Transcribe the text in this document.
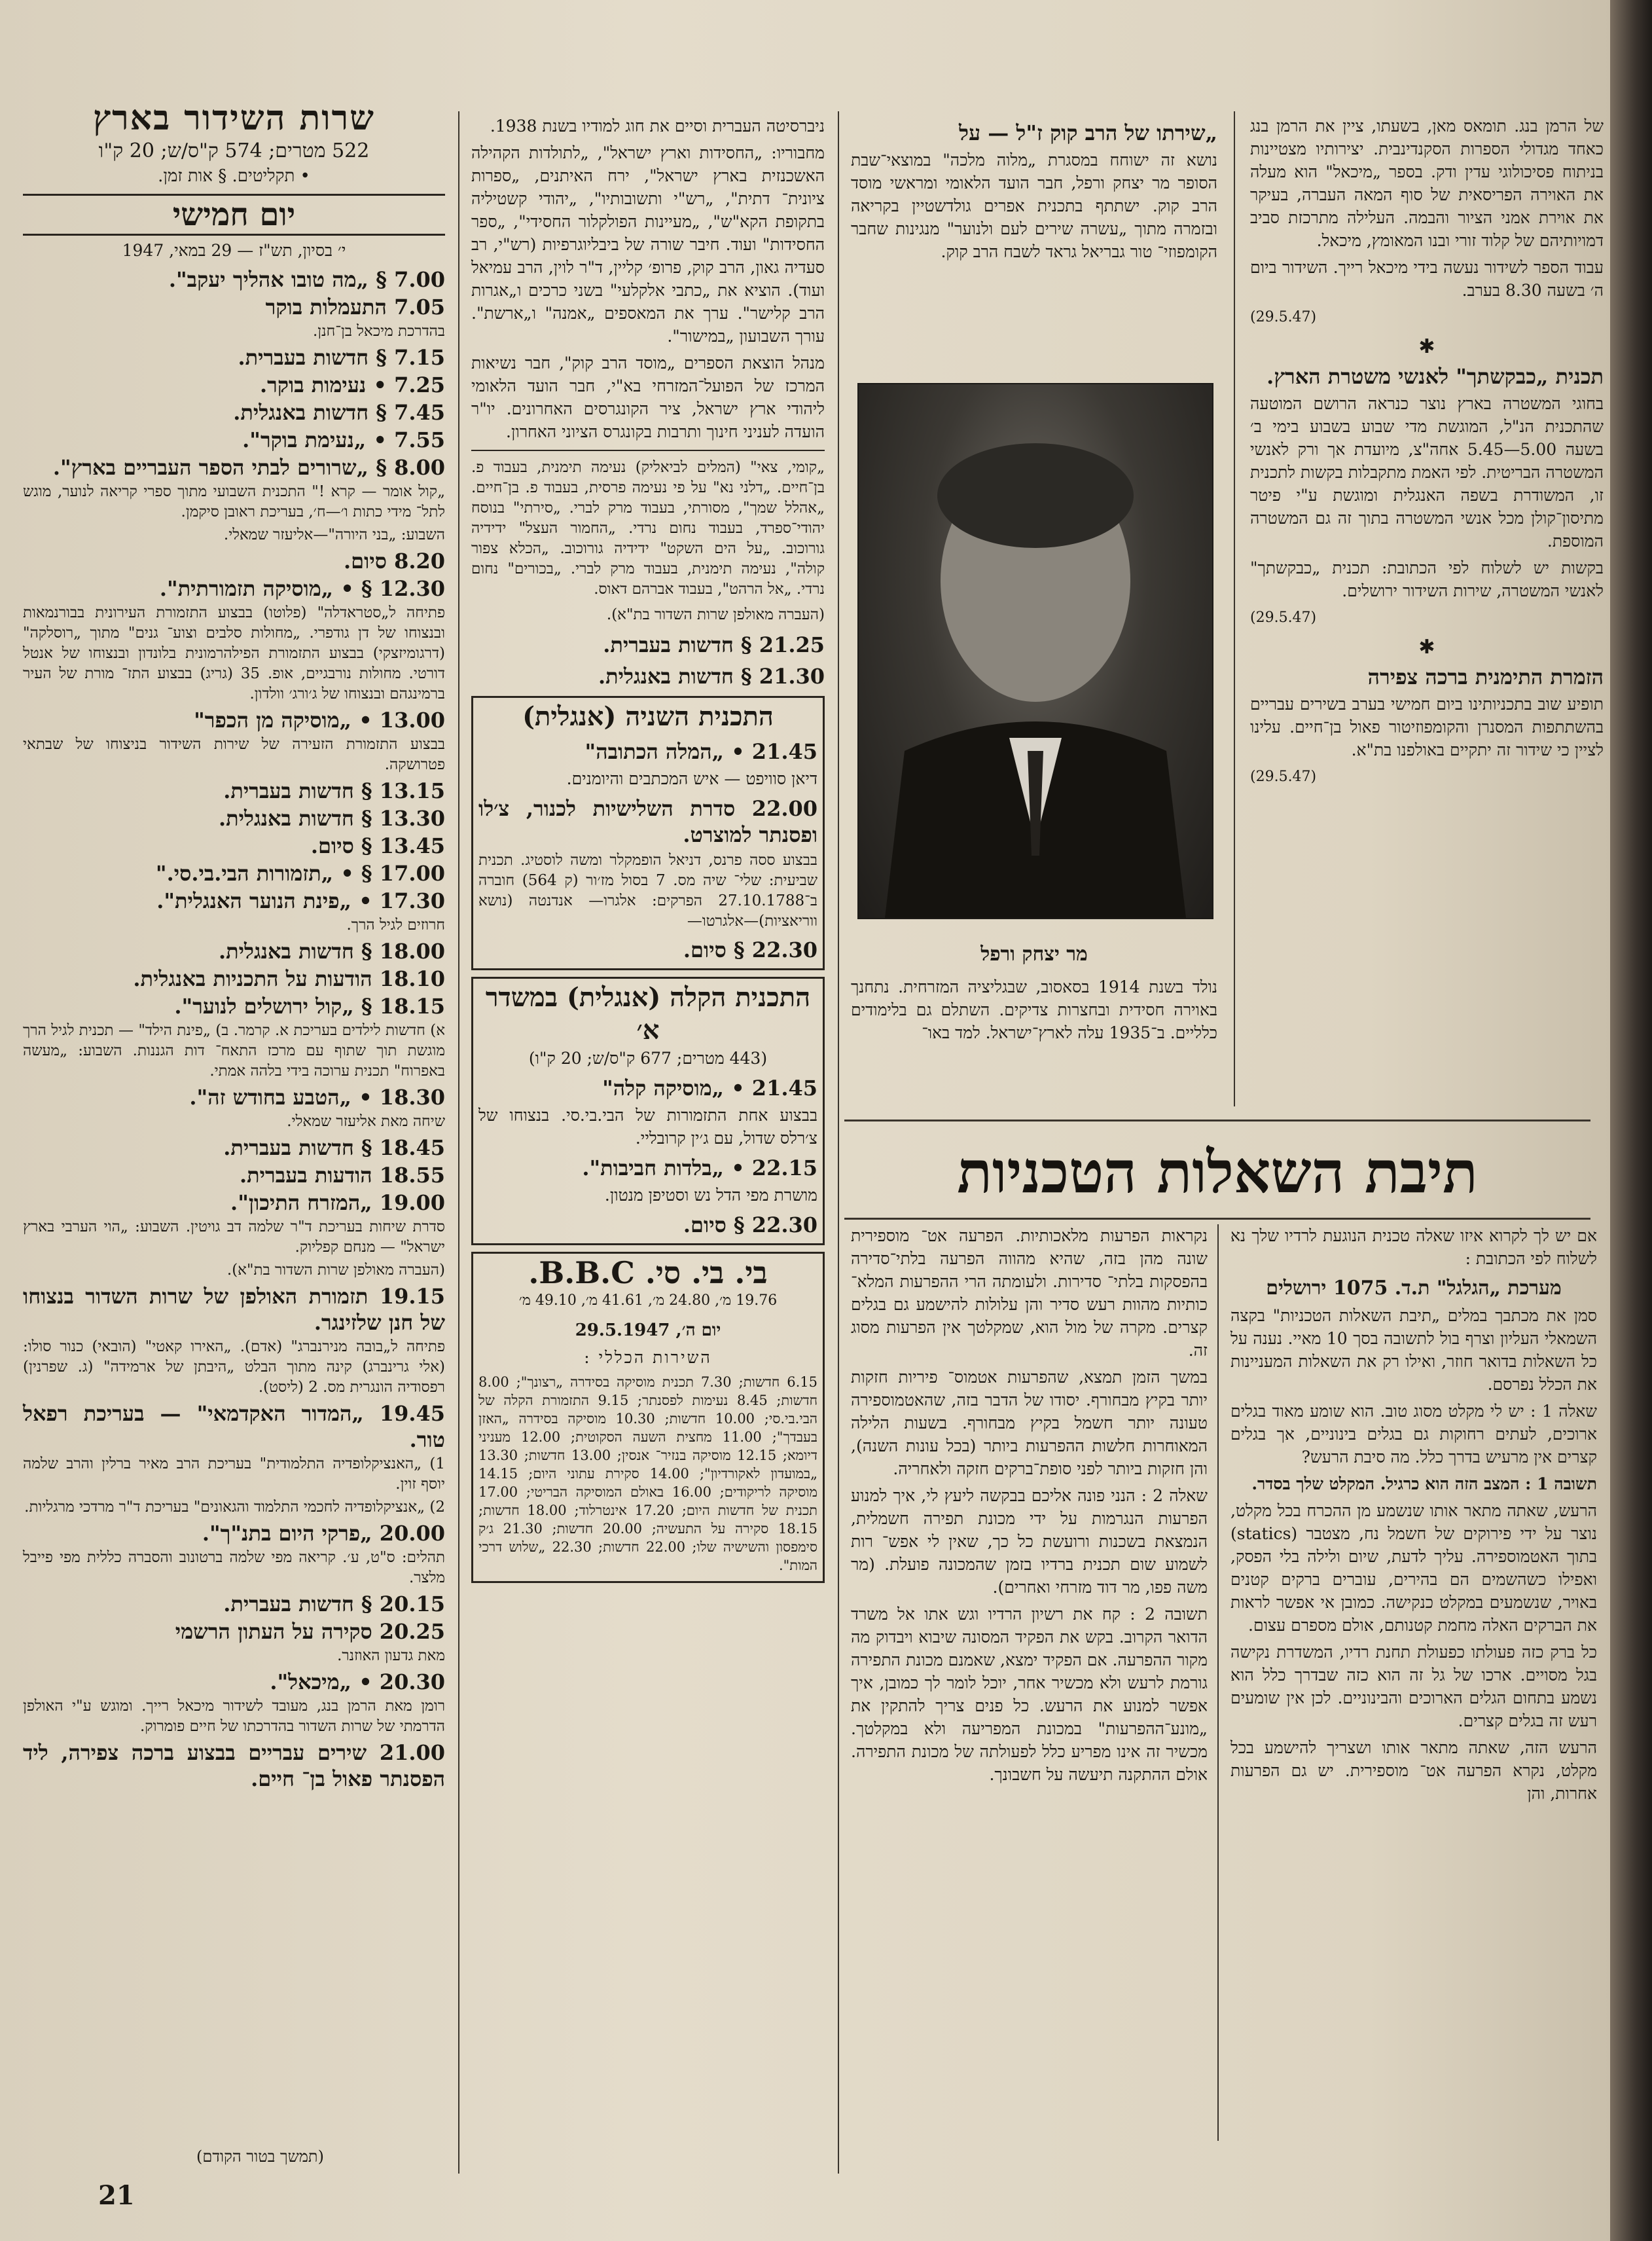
של הרמן בנג. תומאס מאן, בשעתו, ציין את הרמן בנג כאחד מגדולי הספרות הסקנדינבית. יצירותיו מצטיינות בניתוח פסיכולוגי עדין ודק. בספר „מיכאל" הוא מעלה את האוירה הפריסאית של סוף המאה העברה, בעיקר את אוירת אמני הציור והבמה. העלילה מתרכזת סביב דמויותיהם של קלוד זורי ובנו המאומץ, מיכאל.

עבוד הספר לשידור נעשה בידי מיכאל רייך. השידור ביום ה׳ בשעה 8.30 בערב.

(29.5.47)
✱
תכנית „כבקשתך" לאנשי משטרת הארץ.

בחוגי המשטרה בארץ נוצר כנראה הרושם המוטעה שהתכנית הנ"ל, המוגשת מדי שבוע בשבוע בימי ב׳ בשעה 5.00—5.45 אחה"צ, מיועדת אך ורק לאנשי המשטרה הבריטית. לפי האמת מתקבלות בקשות לתכנית זו, המשודרת בשפה האנגלית ומוגשת ע"י פיטר מתיסון־קולן מכל אנשי המשטרה בתוך זה גם המשטרה המוספת.

בקשות יש לשלוח לפי הכתובת: תכנית „כבקשתך" לאנשי המשטרה, שירות השידור ירושלים.

(29.5.47)
✱
הזמרת התימנית ברכה צפירה

תופיע שוב בתכניותינו ביום חמישי בערב בשירים עבריים בהשתתפות המסנרן והקומפוזיטור פאול בן־חיים. עלינו לציין כי שידור זה יתקיים באולפנו בת"א.

(29.5.47)
„שירתו של הרב קוק ז"ל — על

נושא זה ישוחח במסגרת „מלוה מלכה" במוצאי־שבת הסופר מר יצחק ורפל, חבר הועד הלאומי ומראשי מוסד הרב קוק. ישתתף בתכנית אפרים גולדשטיין בקריאה ובזמרה מתוך „עשרה שירים לעם ולנוער" מנגינות שחבר הקומפוזי־ טור גבריאל גראד לשבח הרב קוק.

מר יצחק ורפל

נולד בשנת 1914 בסאסוב, שבגליציה המזרחית. נתחנך באוירה חסידית ובחצרות צדיקים. השתלם גם בלימודים כלליים. ב־1935 עלה לארץ־ישראל. למד באו־

ניברסיטה העברית וסיים את חוג למודיו בשנת 1938.

מחבוריו: „החסידות וארץ ישראל", „לתולדות הקהילה האשכנזית בארץ ישראל", ירח האיתנים, „ספרות ציונית־ דתית", „רש"י ותשובותיו", „יהודי קשטיליה בתקופת הקא"ש", „מעיינות הפולקלור החסידי", „ספר החסידות" ועוד. חיבר שורה של ביבליוגרפיות (רש"י, רב סעדיה גאון, הרב קוק, פרופ׳ קליין, ד"ר לוין, הרב עמיאל ועוד). הוציא את „כתבי אלקלעי" בשני כרכים ו„אגרות הרב קלישר". ערך את המאספים „אמנה" ו„ארשת". עורך השבועון „במישור".

מנהל הוצאת הספרים „מוסד הרב קוק", חבר נשיאות המרכז של הפועל־המזרחי בא"י, חבר הועד הלאומי ליהודי ארץ ישראל, ציר הקונגרסים האחרונים. יו"ר הועדה לעניני חינוך ותרבות בקונגרס הציוני האחרון.

„קומי, צאי" (המלים לביאליק) נעימה תימנית, בעבוד פ. בן־חיים. „דלני נא" על פי נעימה פרסית, בעבוד פ. בן־חיים. „אהלל שמך", מסורתי, בעבוד מרק לברי. „סירתי" בנוסח יהודי־ספרד, בעבוד נחום נרדי. „החמור העצל" ידידיה גורוכוב. „על הים השקט" ידידיה גורוכוב. „הכלא צפור קולה", נעימה תימנית, בעבוד מרק לברי. „בכורים" נחום נרדי. „אל הרהט", בעבוד אברהם דאוס.

(העברה מאולפן שרות השדור בת"א).

21.25 § חדשות בעברית.
21.30 § חדשות באנגלית.
התכנית השניה (אנגלית)

21.45 • „המלה הכתובה"

דיאן סוויפט — איש המכתבים והיומנים.

22.00 סדרת השלישיות לכנור, צ׳לו ופסנתר למוצרט.

בבצוע ססה פרנס, דניאל הופמקלר ומשה לוסטיג. תכנית שביעית: שלי־ שיה מס. 7 בסול מז׳ור (ק 564) חוברה ב־27.10.1788 הפרקים: אלגרו— אנדנטה (נושא ווריאציות)—אלגרטו—

22.30 § סיום.

התכנית הקלה (אנגלית) במשדר א׳

(443 מטרים; 677 ק"ס/ש; 20 ק"ו)

21.45 • „מוסיקה קלה"

בבצוע אחת התזמורות של הבי.בי.סי. בנצוחו של צ׳רלס שדול, עם ג׳ין קרובליי.

22.15 • „בלדות חביבות".

מושרת מפי הדל נש וסטיפן מנטון.

22.30 § סיום.

בי. בי. סי. B.B.C.

19.76 מ׳, 24.80 מ׳, 41.61 מ׳, 49.10 מ׳

יום ה׳, 29.5.1947

השירות הכללי :

6.15 חדשות; 7.30 תכנית מוסיקה בסידרה „רצונך"; 8.00 חדשות; 8.45 נעימות לפסנתר; 9.15 התזמורת הקלה של הבי.בי.סי; 10.00 חדשות; 10.30 מוסיקה בסידרה „האזן בעבדך"; 11.00 מחצית השעה הסקוטית; 12.00 מעניני דיומא; 12.15 מוסיקה בנזיר־ אנסין; 13.00 חדשות; 13.30 „במועדון לאקורדיון"; 14.00 סקירת עתוני היום; 14.15 מוסיקה לריקודים; 16.00 באולם המוסיקה הבריטי; 17.00 תכנית של חדשות היום; 17.20 אינטרלוד; 18.00 חדשות; 18.15 סקירה על התעשיה; 20.00 חדשות; 21.30 ג׳ק סימפסון והשישיה שלו; 22.00 חדשות; 22.30 „שלוש דרכי המות".

שרות השידור בארץ
522 מטרים; 574 ק"ס/ש; 20 ק"ו
• תקליטים. § אות זמן.
יום חמישי
י׳ בסיון, תש"ז — 29 במאי, 1947
7.00 § „מה טובו אהליך יעקב".
7.05 התעמלות בוקר
בהדרכת מיכאל בן־חנן.
7.15 § חדשות בעברית.
7.25 • נעימות בוקר.
7.45 § חדשות באנגלית.
7.55 • „נעימת בוקר".
8.00 § „שרורים לבתי הספר העבריים בארץ".
„קול אומר — קרא !" התכנית השבועי מתוך ספרי קריאה לנוער, מוגש לתל־ מידי כתות ו׳—ח׳, בעריכת ראובן סיקמן.
השבוע: „בני היורה"—אליעזר שמאלי.
8.20 סיום.
12.30 § • „מוסיקה תזמורתית".
פתיחה ל„סטראדלה" (פלוטו) בבצוע התזמורת העירונית בבורנמאות ובנצוחו של דן גודפרי. „מחולות סלבים וצוע־ גנים" מתוך „רוסלקה" (דרגומיזצקי) בבצוע התזמורת הפילהרמונית בלונדון ובנצוחו של אנטל דורטי. מחולות נורבגיים, אופ. 35 (גריג) בבצוע התז־ מורת של העיר ברמינגהם ובנצוחו של ג׳ורג׳ וולדון.
13.00 • „מוסיקה מן הכפר"
בבצוע התזמורת הזעירה של שירות השידור בניצוחו של שבתאי פטרושקה.
13.15 § חדשות בעברית.
13.30 § חדשות באנגלית.
13.45 § סיום.
17.00 § • „תזמורות הבי.בי.סי."
17.30 • „פינת הנוער האנגלית".
חרוזים לגיל הרך.
18.00 § חדשות באנגלית.
18.10 הודעות על התכניות באנגלית.
18.15 § „קול ירושלים לנוער".
א) חדשות לילדים בעריכת א. קרמר. ב) „פינת הילד" — תכנית לגיל הרך מוגשת תוך שתוף עם מרכז התאח־ דות הגננות. השבוע: „מעשה באפרוח" תכנית ערוכה בידי בלהה אמתי.
18.30 • „הטבע בחודש זה".
שיחה מאת אליעזר שמאלי.
18.45 § חדשות בעברית.
18.55 הודעות בעברית.
19.00 „המזרח התיכון".
סדרת שיחות בעריכת ד"ר שלמה דב גויטין. השבוע: „הוי הערבי בארץ ישראל" — מנחם קפליוק.
(העברה מאולפן שרות השדור בת"א).
19.15 תזמורת האולפן של שרות השדור בנצוחו של חנן שלזינגר.
פתיחה ל„בובה מנירנברג" (אדם). „האירו קאטי" (הובאי) כנור סולו: (אלי גרינברג) קינה מתוך הבלט „היבתן של ארמידה" (ג. שפרנין) רפסודיה הונגרית מס. 2 (ליסט).
19.45 „המדור האקדמאי" — בעריכת רפאל טור.
1) „האנציקלופדיה התלמודית" בעריכת הרב מאיר ברלין והרב שלמה יוסף זוין.
2) „אנציקלופדיה לחכמי התלמוד והגאונים" בעריכת ד"ר מרדכי מרגליות.
20.00 „פרקי היום בתנ"ך".
תהלים: ס"ט, ע׳. קריאה מפי שלמה ברטונוב והסברה כללית מפי פייבל מלצר.
20.15 § חדשות בעברית.
20.25 סקירה על העתון הרשמי
מאת גדעון האוזנר.
20.30 • „מיכאל".
רומן מאת הרמן בנג, מעובד לשידור מיכאל רייך. ומוגש ע"י האולפן הדרמתי של שרות השדור בהדרכתו של חיים פומרוק.
21.00 שירים עבריים בבצוע ברכה צפירה, ליד הפסנתר פאול בן־ חיים.
תיבת השאלות הטכניות

אם יש לך לקרוא איזו שאלה טכנית הנוגעת לרדיו שלך נא לשלוח לפי הכתובת :

מערכת „הגלגל" ת.ד. 1075 ירושלים

סמן את מכתבך במלים „תיבת השאלות הטכניות" בקצה השמאלי העליון וצרף בול לתשובה בסך 10 מאיי. נענה על כל השאלות בדואר חוזר, ואילו רק את השאלות המעניינות את הכלל נפרסם.

שאלה 1 : יש לי מקלט מסוג טוב. הוא שומע מאוד בגלים ארוכים, לעתים רחוקות גם בגלים בינוניים, אך בגלים קצרים אין מרעיש בדרך כלל. מה סיבת הרעש?

תשובה 1 : המצב הזה הוא כרגיל. המקלט שלך בסדר.

הרעש, שאתה מתאר אותו שנשמע מן ההכרח בכל מקלט, נוצר על ידי פירוקים של חשמל נח, מצטבר (statics) בתוך האטמוספירה. עליך לדעת, שיום ולילה בלי הפסק, ואפילו כשהשמים הם בהירים, עוברים ברקים קטנים באויר, שנשמעים במקלט כנקישה. כמובן אי אפשר לראות את הברקים האלה מחמת קטנותם, אולם מספרם עצום.

כל ברק כזה פעולתו כפעולת תחנת רדיו, המשדרת נקישה בגל מסויים. ארכו של גל זה הוא כזה שבדרך כלל הוא נשמע בתחום הגלים הארוכים והבינוניים. לכן אין שומעים רעש זה בגלים קצרים.

הרעש הזה, שאתה מתאר אותו ושצריך להישמע בכל מקלט, נקרא הפרעה אט־ מוספירית. יש גם הפרעות אחרות, והן

נקראות הפרעות מלאכותיות. הפרעה אט־ מוספירית שונה מהן בזה, שהיא מהווה הפרעה בלתי־סדירה בהפסקות בלתי־ סדירות. ולעומתה הרי ההפרעות המלא־ כותיות מהוות רעש סדיר והן עלולות להישמע גם בגלים קצרים. מקרה של מול הוא, שמקלטך אין הפרעות מסוג זה.

במשך הזמן תמצא, שהפרעות אטמוס־ פיריות חזקות יותר בקיץ מבחורף. יסודו של הדבר בזה, שהאטמוספירה טעונה יותר חשמל בקיץ מבחורף. בשעות הלילה המאוחרות חלשות ההפרעות ביותר (בכל עונות השנה), והן חזקות ביותר לפני סופת־ברקים חזקה ולאחריה.

שאלה 2 : הנני פונה אליכם בבקשה ליעץ לי, איך למנוע הפרעות הנגרמות על ידי מכונת תפירה חשמלית, הנמצאת בשכנות ורועשת כל כך, שאין לי אפש־ רות לשמוע שום תכנית ברדיו בזמן שהמכונה פועלת. (מר משה פפו, מר דוד מזרחי ואחרים).

תשובה 2 : קח את רשיון הרדיו וגש אתו אל משרד הדואר הקרוב. בקש את הפקיד המסונה שיבוא ויבדוק מה מקור ההפרעה. אם הפקיד ימצא, שאמנם מכונת התפירה גורמת לרעש ולא מכשיר אחר, יוכל לומר לך כמובן, איך אפשר למנוע את הרעש. כל פנים צריך להתקין את „מונע־ההפרעות" במכונת המפריעה ולא במקלטך. מכשיר זה אינו מפריע כלל לפעולתה של מכונת התפירה. אולם ההתקנה תיעשה על חשבונך.

(תמשך בטור הקודם)
21
